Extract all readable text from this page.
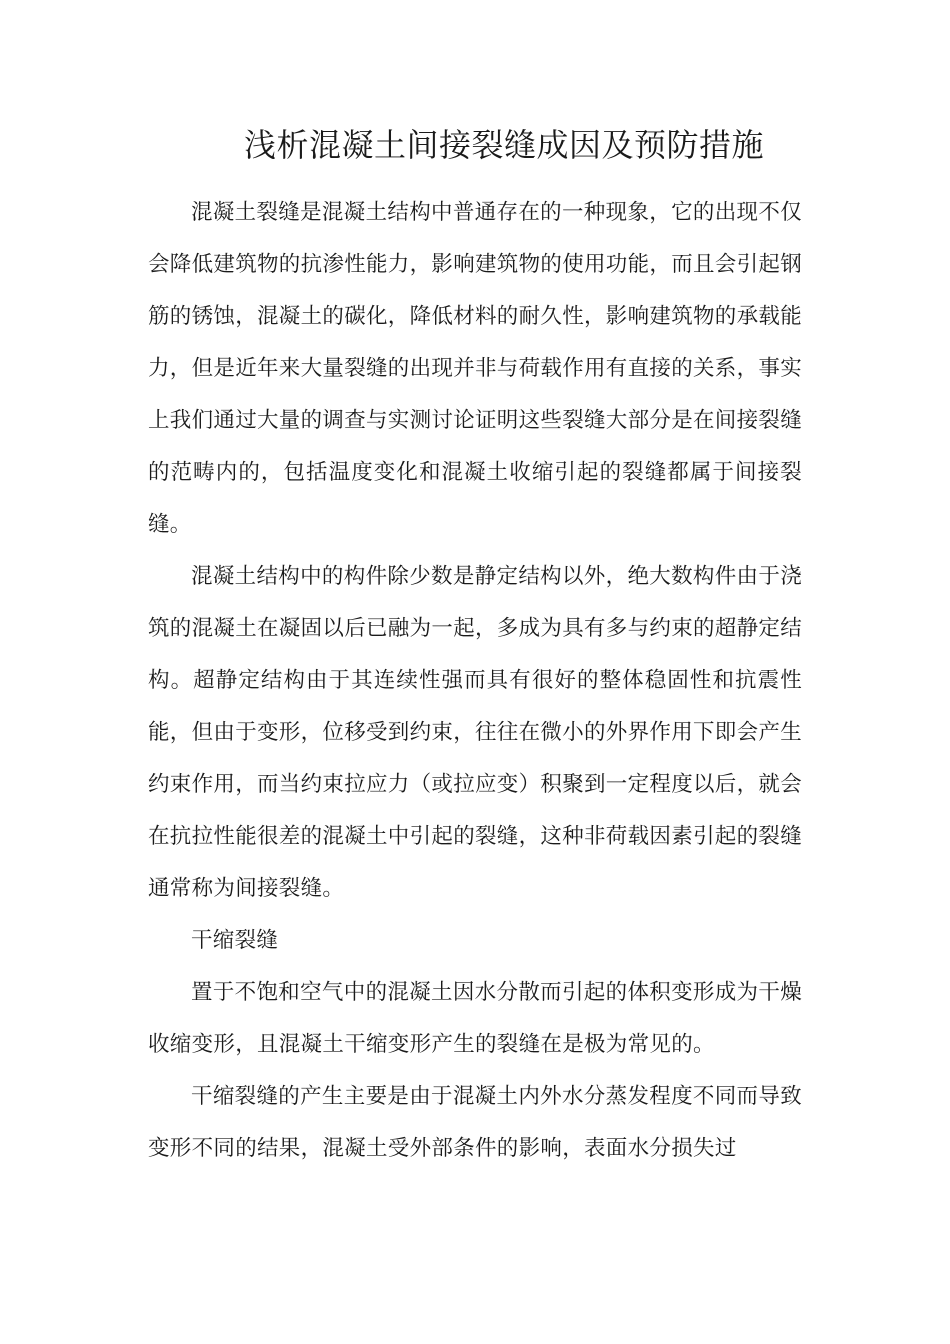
浅析混凝土间接裂缝成因及预防措施

混凝土裂缝是混凝土结构中普通存在的一种现象，它的出现不仅会降低建筑物的抗渗性能力，影响建筑物的使用功能，而且会引起钢筋的锈蚀，混凝土的碳化，降低材料的耐久性，影响建筑物的承载能力，但是近年来大量裂缝的出现并非与荷载作用有直接的关系，事实上我们通过大量的调查与实测讨论证明这些裂缝大部分是在间接裂缝的范畴内的，包括温度变化和混凝土收缩引起的裂缝都属于间接裂缝。

混凝土结构中的构件除少数是静定结构以外，绝大数构件由于浇筑的混凝土在凝固以后已融为一起，多成为具有多与约束的超静定结构。超静定结构由于其连续性强而具有很好的整体稳固性和抗震性能，但由于变形，位移受到约束，往往在微小的外界作用下即会产生约束作用，而当约束拉应力（或拉应变）积聚到一定程度以后，就会在抗拉性能很差的混凝土中引起的裂缝，这种非荷载因素引起的裂缝通常称为间接裂缝。

干缩裂缝

置于不饱和空气中的混凝土因水分散而引起的体积变形成为干燥收缩变形，且混凝土干缩变形产生的裂缝在是极为常见的。

干缩裂缝的产生主要是由于混凝土内外水分蒸发程度不同而导致变形不同的结果，混凝土受外部条件的影响，表面水分损失过
